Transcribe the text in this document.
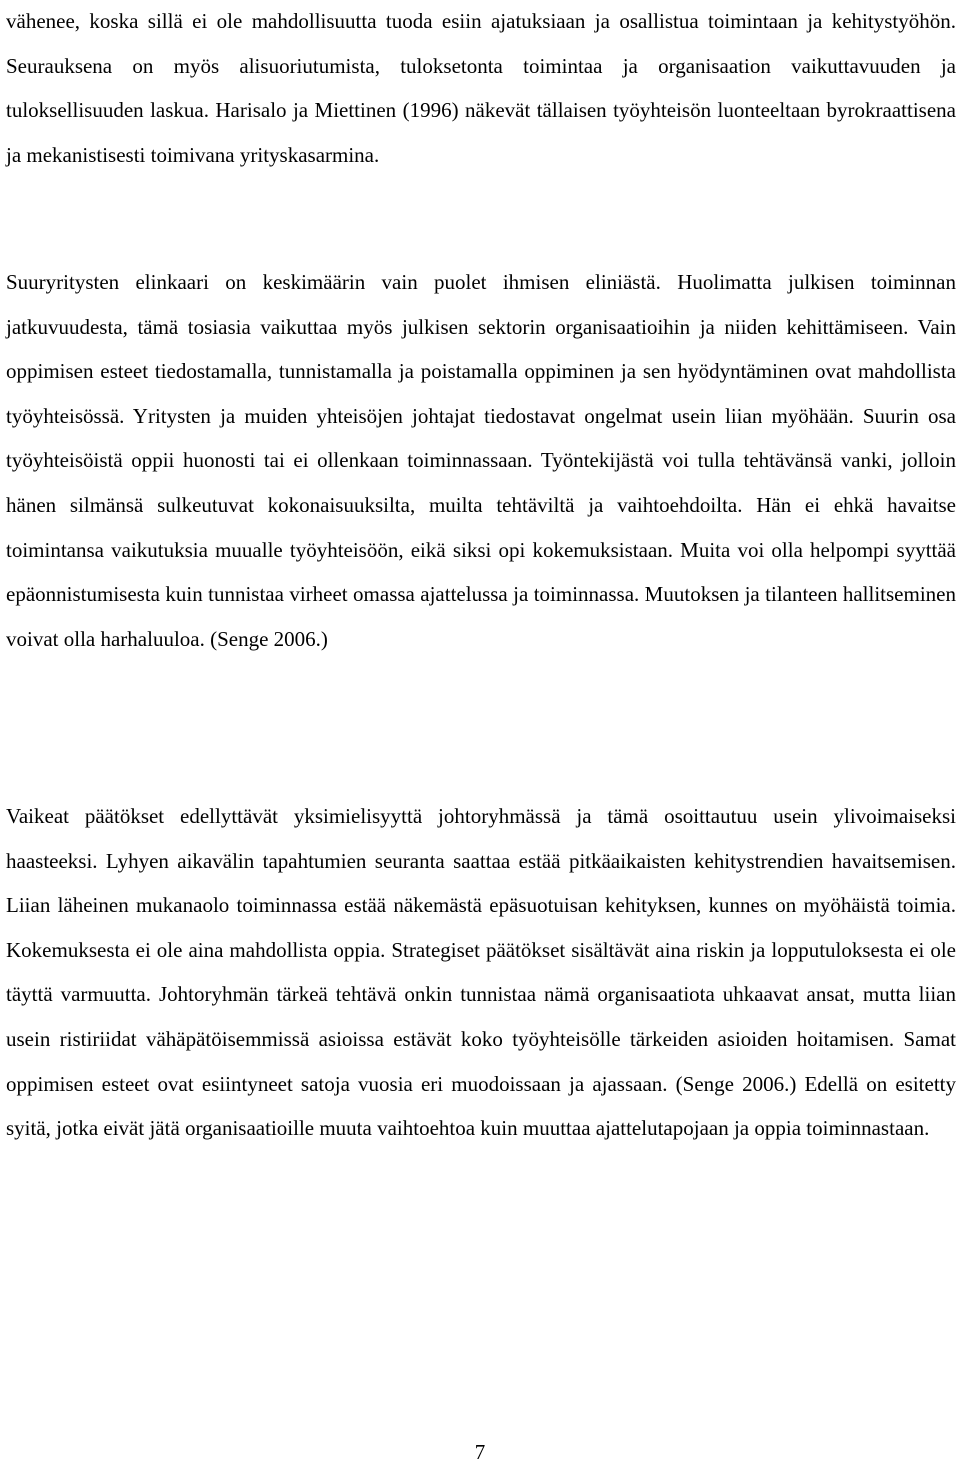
vähenee, koska sillä ei ole mahdollisuutta tuoda esiin ajatuksiaan ja osallistua toimintaan ja kehitystyöhön. Seurauksena on myös alisuoriutumista, tuloksetonta toimintaa ja organisaation vaikuttavuuden ja tuloksellisuuden laskua. Harisalo ja Miettinen (1996) näkevät tällaisen työyhteisön luonteeltaan byrokraattisena ja mekanistisesti toimivana yrityskasarmina.

Suuryritysten elinkaari on keskimäärin vain puolet ihmisen eliniästä. Huolimatta julkisen toiminnan jatkuvuudesta, tämä tosiasia vaikuttaa myös julkisen sektorin organisaatioihin ja niiden kehittämiseen. Vain oppimisen esteet tiedostamalla, tunnistamalla ja poistamalla oppiminen ja sen hyödyntäminen ovat mahdollista työyhteisössä. Yritysten ja muiden yhteisöjen johtajat tiedostavat ongelmat usein liian myöhään. Suurin osa työyhteisöistä oppii huonosti tai ei ollenkaan toiminnassaan. Työntekijästä voi tulla tehtävänsä vanki, jolloin hänen silmänsä sulkeutuvat kokonaisuuksilta, muilta tehtäviltä ja vaihtoehdoilta. Hän ei ehkä havaitse toimintansa vaikutuksia muualle työyhteisöön, eikä siksi opi kokemuksistaan. Muita voi olla helpompi syyttää epäonnistumisesta kuin tunnistaa virheet omassa ajattelussa ja toiminnassa. Muutoksen ja tilanteen hallitseminen voivat olla harhaluuloa. (Senge 2006.)

Vaikeat päätökset edellyttävät yksimielisyyttä johtoryhmässä ja tämä osoittautuu usein ylivoimaiseksi haasteeksi. Lyhyen aikavälin tapahtumien seuranta saattaa estää pitkäaikaisten kehitystrendien havaitsemisen. Liian läheinen mukanaolo toiminnassa estää näkemästä epäsuotuisan kehityksen, kunnes on myöhäistä toimia. Kokemuksesta ei ole aina mahdollista oppia. Strategiset päätökset sisältävät aina riskin ja lopputuloksesta ei ole täyttä varmuutta. Johtoryhmän tärkeä tehtävä onkin tunnistaa nämä organisaatiota uhkaavat ansat, mutta liian usein ristiriidat vähäpätöisemmissä asioissa estävät koko työyhteisölle tärkeiden asioiden hoitamisen. Samat oppimisen esteet ovat esiintyneet satoja vuosia eri muodoissaan ja ajassaan. (Senge 2006.) Edellä on esitetty syitä, jotka eivät jätä organisaatioille muuta vaihtoehtoa kuin muuttaa ajattelutapojaan ja oppia toiminnastaan.

7
